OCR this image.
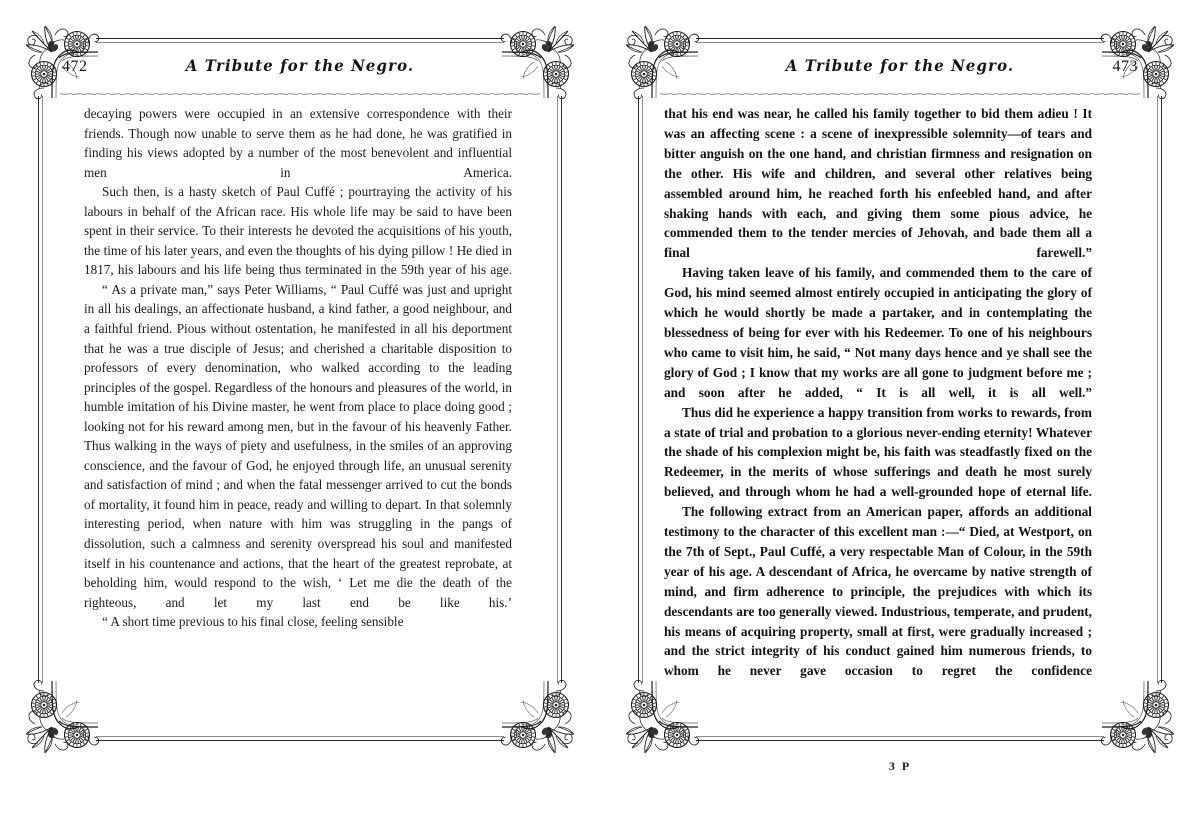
472	A Tribute for the Negro.

decaying powers were occupied in an extensive correspondence with their friends. Though now unable to serve them as he had done, he was gratified in finding his views adopted by a number of the most benevolent and influential men in America.

Such then, is a hasty sketch of Paul Cuffé ; pourtraying the activity of his labours in behalf of the African race. His whole life may be said to have been spent in their service. To their interests he devoted the acquisitions of his youth, the time of his later years, and even the thoughts of his dying pillow ! He died in 1817, his labours and his life being thus terminated in the 59th year of his age.

“ As a private man,” says Peter Williams, “ Paul Cuffé was just and upright in all his dealings, an affectionate husband, a kind father, a good neighbour, and a faithful friend. Pious without ostentation, he manifested in all his deportment that he was a true disciple of Jesus; and cherished a charitable disposition to professors of every denomination, who walked according to the leading principles of the gospel. Regardless of the honours and pleasures of the world, in humble imitation of his Divine master, he went from place to place doing good ; looking not for his reward among men, but in the favour of his heavenly Father. Thus walking in the ways of piety and usefulness, in the smiles of an approving conscience, and the favour of God, he enjoyed through life, an unusual serenity and satisfaction of mind ; and when the fatal messenger arrived to cut the bonds of mortality, it found him in peace, ready and willing to depart. In that solemnly interesting period, when nature with him was struggling in the pangs of dissolution, such a calmness and serenity overspread his soul and manifested itself in his countenance and actions, that the heart of the greatest reprobate, at beholding him, would respond to the wish, ‘ Let me die the death of the righteous, and let my last end be like his.’

“ A short time previous to his final close, feeling sensible

A Tribute for the Negro.	473

that his end was near, he called his family together to bid them adieu ! It was an affecting scene : a scene of inexpressible solemnity—of tears and bitter anguish on the one hand, and christian firmness and resignation on the other. His wife and children, and several other relatives being assembled around him, he reached forth his enfeebled hand, and after shaking hands with each, and giving them some pious advice, he commended them to the tender mercies of Jehovah, and bade them all a final farewell.”

Having taken leave of his family, and commended them to the care of God, his mind seemed almost entirely occupied in anticipating the glory of which he would shortly be made a partaker, and in contemplating the blessedness of being for ever with his Redeemer. To one of his neighbours who came to visit him, he said, “ Not many days hence and ye shall see the glory of God ; I know that my works are all gone to judgment before me ; and soon after he added, “ It is all well, it is all well.”

Thus did he experience a happy transition from works to rewards, from a state of trial and probation to a glorious never-ending eternity! Whatever the shade of his complexion might be, his faith was steadfastly fixed on the Redeemer, in the merits of whose sufferings and death he most surely believed, and through whom he had a well-grounded hope of eternal life.

The following extract from an American paper, affords an additional testimony to the character of this excellent man :—“ Died, at Westport, on the 7th of Sept., Paul Cuffé, a very respectable Man of Colour, in the 59th year of his age. A descendant of Africa, he overcame by native strength of mind, and firm adherence to principle, the prejudices with which its descendants are too generally viewed. Industrious, temperate, and prudent, his means of acquiring property, small at first, were gradually increased ; and the strict integrity of his conduct gained him numerous friends, to whom he never gave occasion to regret the confidence

3 P
